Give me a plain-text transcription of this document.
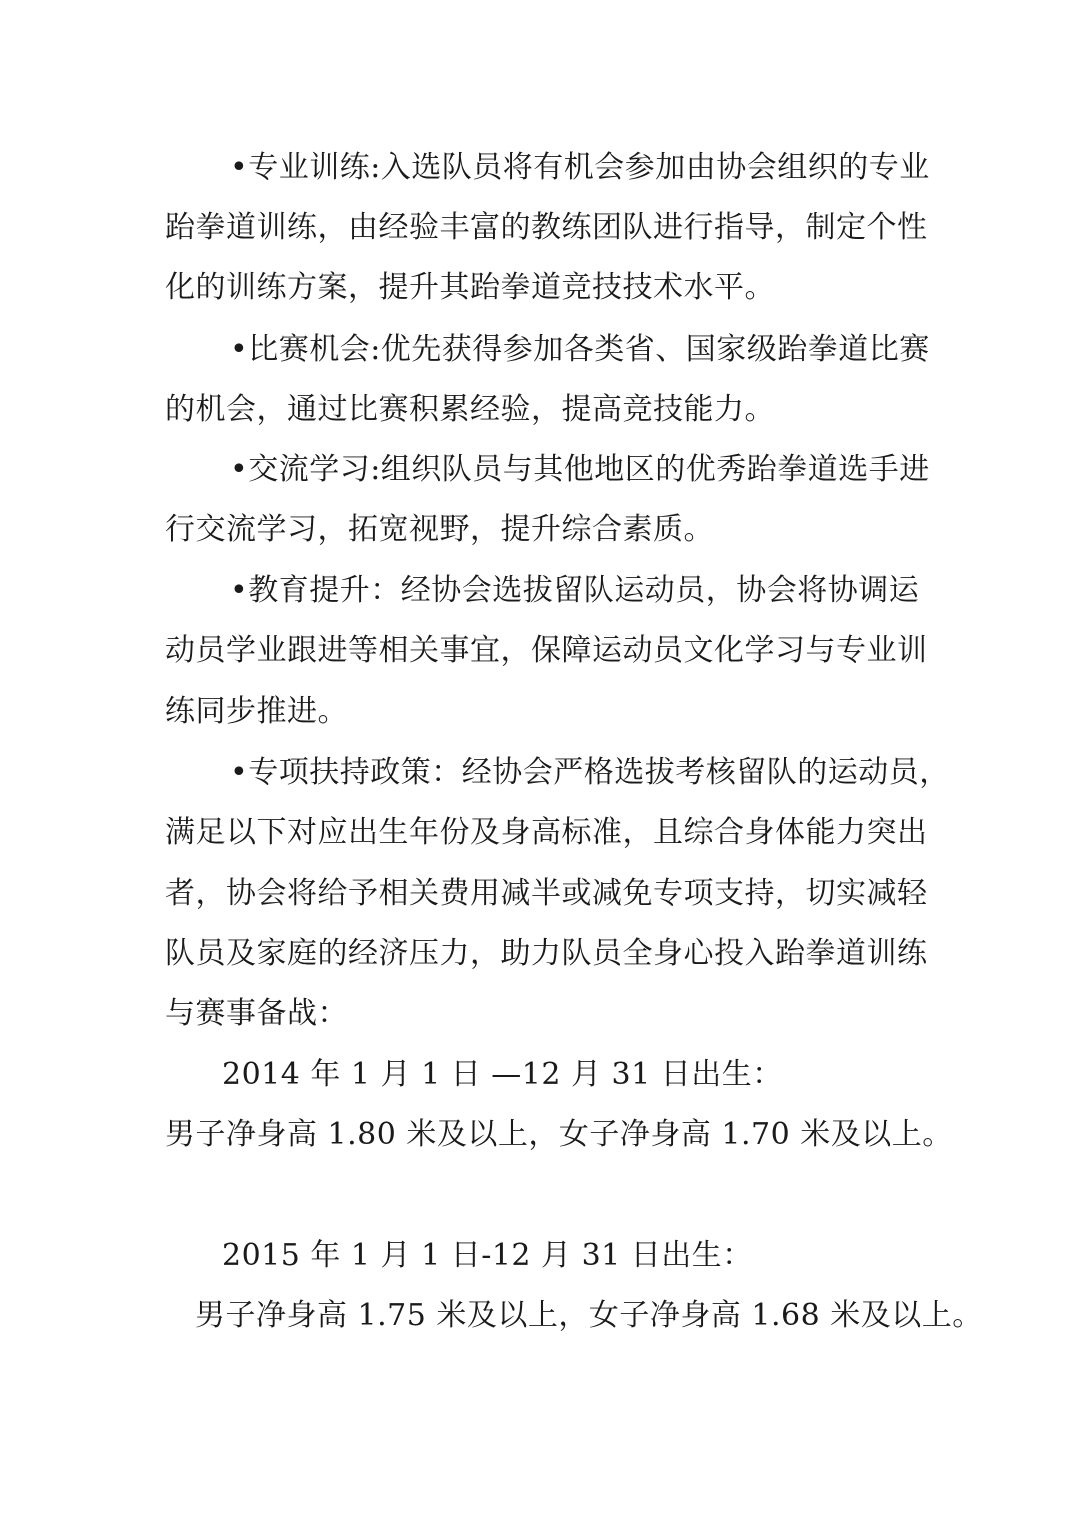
•专业训练:入选队员将有机会参加由协会组织的专业
跆拳道训练，由经验丰富的教练团队进行指导，制定个性
化的训练方案，提升其跆拳道竞技技术水平。
•比赛机会:优先获得参加各类省、国家级跆拳道比赛
的机会，通过比赛积累经验，提高竞技能力。
•交流学习:组织队员与其他地区的优秀跆拳道选手进
行交流学习，拓宽视野，提升综合素质。
•教育提升：经协会选拔留队运动员，协会将协调运
动员学业跟进等相关事宜，保障运动员文化学习与专业训
练同步推进。
•专项扶持政策：经协会严格选拔考核留队的运动员，
满足以下对应出生年份及身高标准，且综合身体能力突出
者，协会将给予相关费用减半或减免专项支持，切实减轻
队员及家庭的经济压力，助力队员全身心投入跆拳道训练
与赛事备战：
2014 年 1 月 1 日 —12 月 31 日出生：
男子净身高 1.80 米及以上，女子净身高 1.70 米及以上。
2015 年 1 月 1 日-12 月 31 日出生：
男子净身高 1.75 米及以上，女子净身高 1.68 米及以上。
